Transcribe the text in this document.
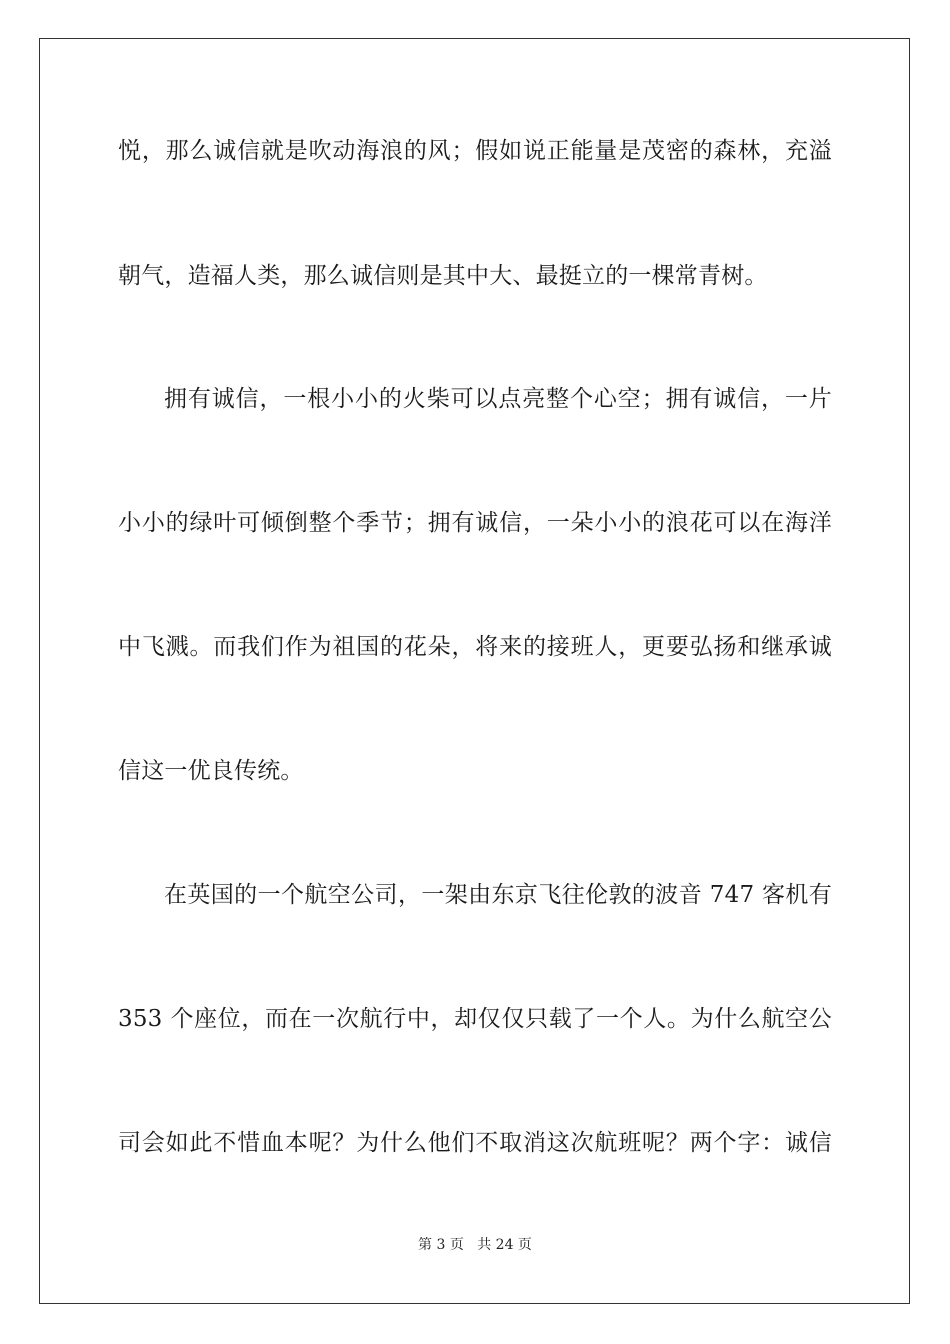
悦，那么诚信就是吹动海浪的风；假如说正能量是茂密的森林，充溢
朝气，造福人类，那么诚信则是其中大、最挺立的一棵常青树。
拥有诚信，一根小小的火柴可以点亮整个心空；拥有诚信，一片
小小的绿叶可倾倒整个季节；拥有诚信，一朵小小的浪花可以在海洋
中飞溅。而我们作为祖国的花朵，将来的接班人，更要弘扬和继承诚
信这一优良传统。
在英国的一个航空公司，一架由东京飞往伦敦的波音 747 客机有
353 个座位，而在一次航行中，却仅仅只载了一个人。为什么航空公
司会如此不惜血本呢？为什么他们不取消这次航班呢？两个字：诚信
第 3 页 共 24 页
